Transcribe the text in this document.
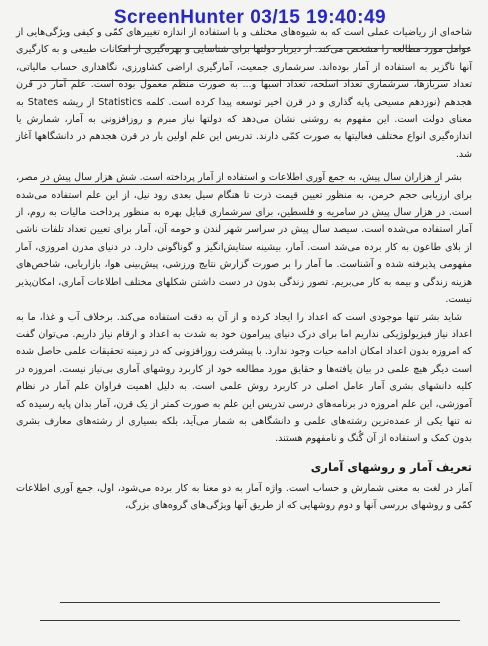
ScreenHunter 03/15 19:40:49

شاخه‌ای از ریاضیات عملی است که به شیوه‌های مختلف و با استفاده از اندازه تغییرهای کمّی و کیفی ویژگی‌هایی از عوامل مورد مطالعه را مشخص می‌کند. از دیرباز دولتها برای شناسایی و بهره‌گیری از امکانات طبیعی و به کارگیری آنها ناگزیر به استفاده از آمار بوده‌اند. سرشماری جمعیت، آمارگیری اراضی کشاورزی، نگاهداری حساب مالیاتی، تعداد سربازها، سرشماری تعداد اسلحه، تعداد اسبها و... به صورت منظم معمول بوده است. علم آمار در قرن هجدهم (نوزدهم مسیحی پایه گذاری و در قرن اخیر توسعه پیدا کرده است. کلمه Statistics از ریشه States به معنای دولت است. این مفهوم به روشنی نشان می‌دهد که دولتها نیاز مبرم و روزافزونی به آمار، شمارش یا اندازه‌گیری انواع مختلف فعالیتها به صورت کمّی دارند. تدریس این علم اولین بار در قرن هجدهم در دانشگاهها آغاز شد.

بشر از هزاران سال پیش، به جمع آوری اطلاعات و استفاده از آمار پرداخته است. شش هزار سال پیش در مصر، برای ارزیابی حجم خرمن، به منظور تعیین قیمت ذرت تا هنگام سیل بعدی رود نیل، از این علم استفاده می‌شده است. در هزار سال پیش در سامریه و فلسطین، برای سرشماری قبایل بهره به منظور پرداخت مالیات به روم، از آمار استفاده می‌شده است. سیصد سال پیش در سراسر شهر لندن و حومه آن، آمار برای تعیین تعداد تلفات ناشی از بلای طاعون به کار برده می‌شد است. آمار، بیشینه ستایش‌انگیز و گوناگونی دارد. در دنیای مدرن امروزی، آمار مفهومی پذیرفته شده و آشناست. ما آمار را بر صورت گزارش نتایج ورزشی، پیش‌بینی هوا، بازاریابی، شاخص‌های هزینه زندگی و بیمه به کار می‌بریم. تصور زندگی بدون در دست داشتن شکلهای مختلف اطلاعات آماری، امکان‌پذیر نیست.

شاید بشر تنها موجودی است که اعداد را ایجاد کرده و از آن به دقت استفاده می‌کند. برخلاف آب و غذا، ما به اعداد نیاز فیزیولوژیکی نداریم اما برای درک دنیای پیرامون خود به شدت به اعداد و ارقام نیاز داریم. می‌توان گفت که امروزه بدون اعداد امکان ادامه حیات وجود ندارد. با پیشرفت روزافزونی که در زمینه تحقیقات علمی حاصل شده است دیگر هیچ علمی در بیان یافته‌ها و حقایق مورد مطالعه خود از کاربرد روشهای آماری بی‌نیاز نیست. امروزه در کلیه دانشهای بشری آمار عامل اصلی در کاربرد روش علمی است. به دلیل اهمیت فراوان علم آمار در نظام آموزشی، این علم امروزه در برنامه‌های درسی تدریس این علم به صورت کمتر از یک قرن، آمار بدان پایه رسیده که نه تنها یکی از عمده‌ترین رشته‌های علمی و دانشگاهی به شمار می‌آید، بلکه بسیاری از رشته‌های معارف بشری بدون کمک و استفاده از آن گُنگ و نامفهوم هستند.

تعریف آمار و روشهای آماری

آمار در لغت به معنی شمارش و حساب است. واژه آمار به دو معنا به کار برده می‌شود، اول، جمع آوری اطلاعات کمّی و روشهای بررسی آنها و دوم روشهایی که از طریق آنها ویژگی‌های گروه‌های بزرگ،
